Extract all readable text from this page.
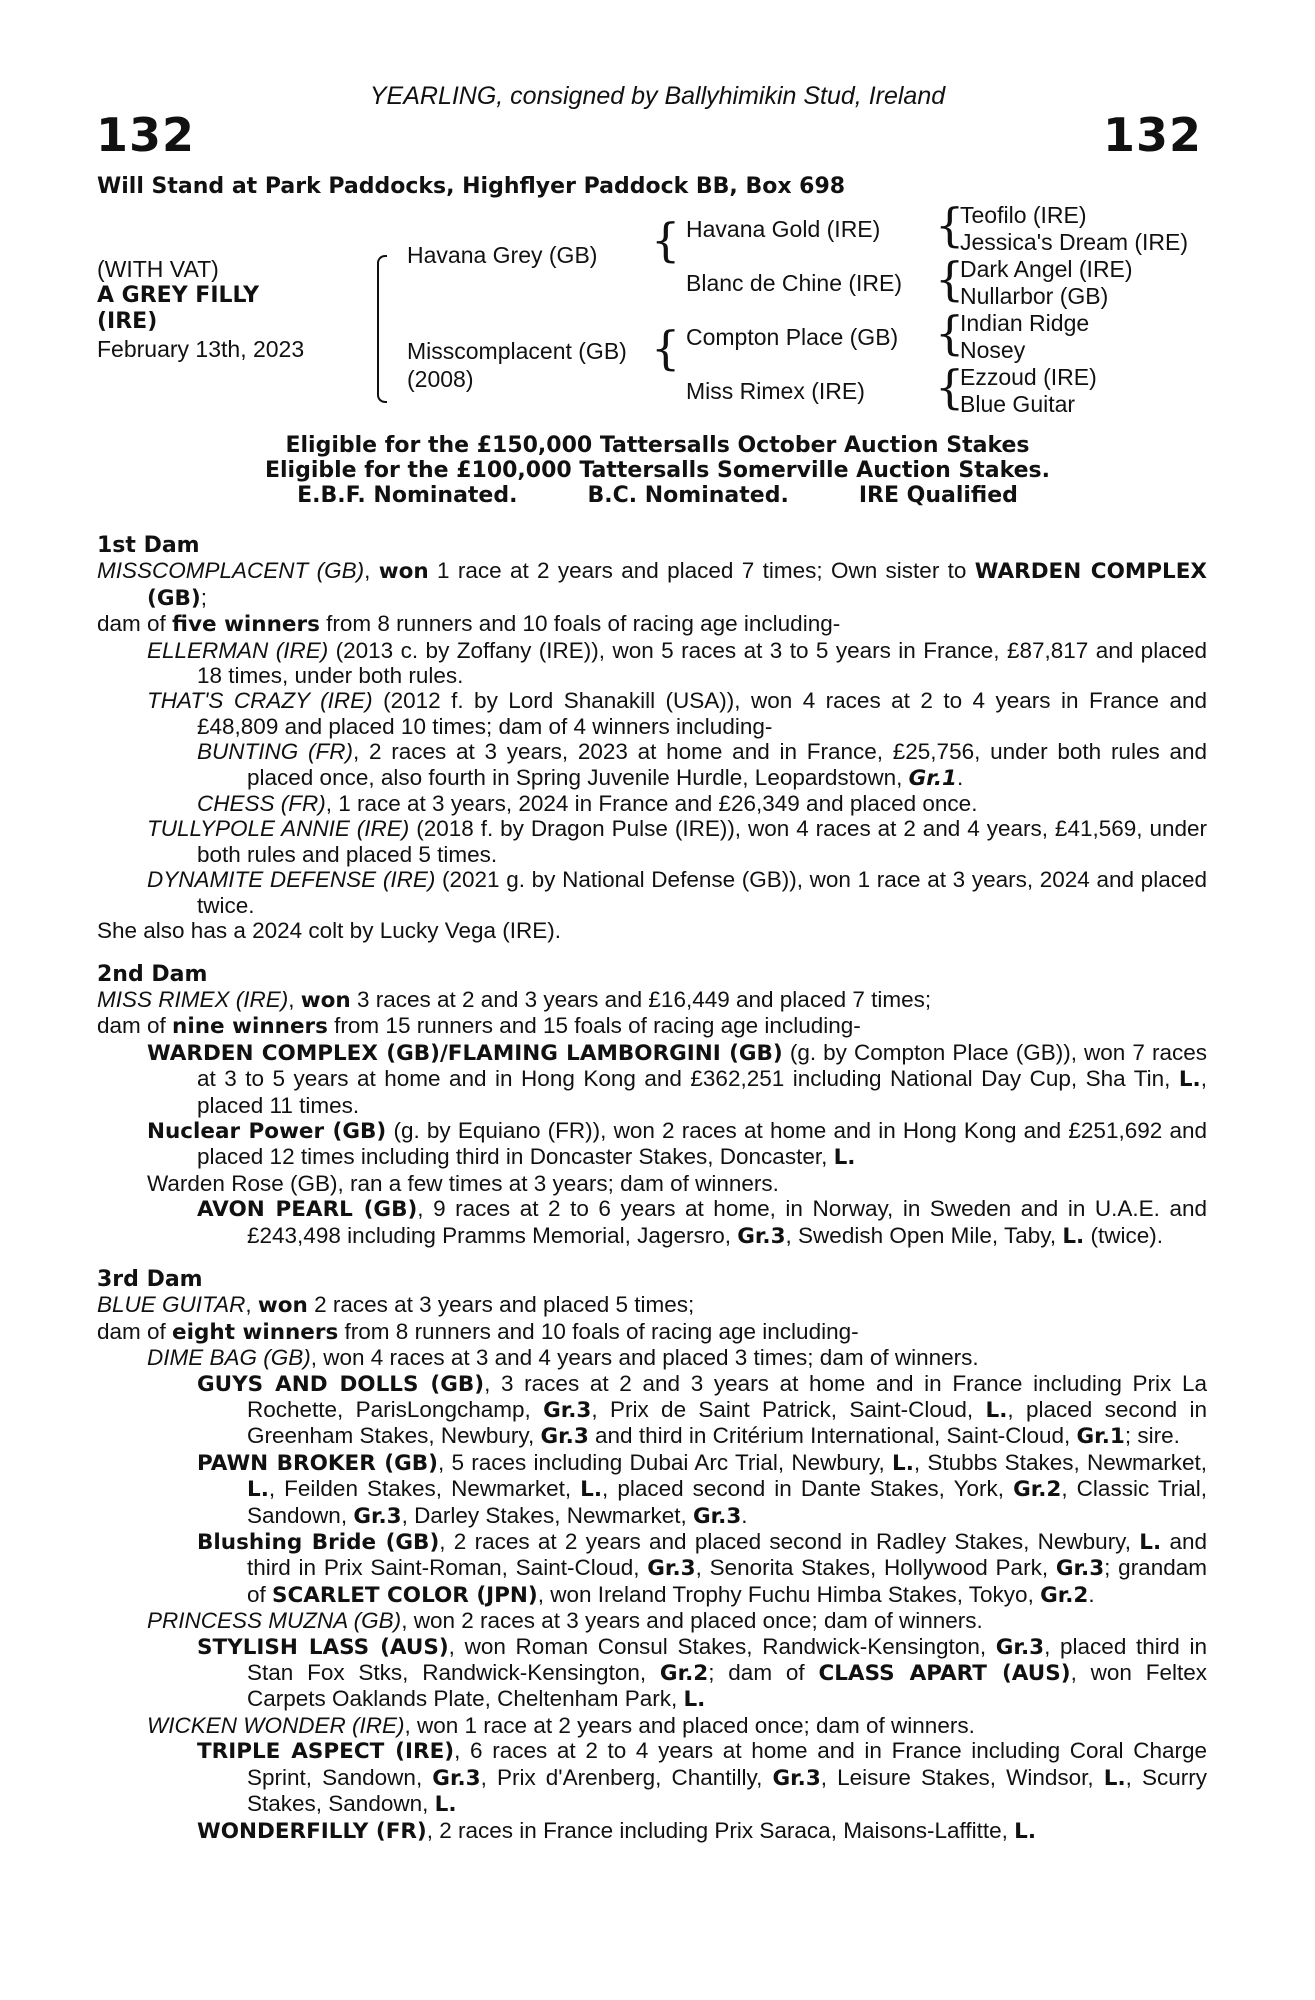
YEARLING, consigned by Ballyhimikin Stud, Ireland
132	132
Will Stand at Park Paddocks, Highflyer Paddock BB, Box 698
(WITH VAT)
A GREY FILLY
(IRE)
February 13th, 2023
Havana Grey (GB)
Misscomplacent (GB)
(2008)
{
{
Havana Gold (IRE)
Blanc de Chine (IRE)
Compton Place (GB)
Miss Rimex (IRE)
{
{
{
{
Teofilo (IRE)
Jessica's Dream (IRE)
Dark Angel (IRE)
Nullarbor (GB)
Indian Ridge
Nosey
Ezzoud (IRE)
Blue Guitar
Eligible for the £150,000 Tattersalls October Auction Stakes
Eligible for the £100,000 Tattersalls Somerville Auction Stakes.
E.B.F. Nominated.	B.C. Nominated.	IRE Qualified
1st Dam
MISSCOMPLACENT (GB), won 1 race at 2 years and placed 7 times; Own sister to WARDEN COMPLEX (GB);
dam of five winners from 8 runners and 10 foals of racing age including-
ELLERMAN (IRE) (2013 c. by Zoffany (IRE)), won 5 races at 3 to 5 years in France, £87,817 and placed 18 times, under both rules.
THAT'S CRAZY (IRE) (2012 f. by Lord Shanakill (USA)), won 4 races at 2 to 4 years in France and £48,809 and placed 10 times; dam of 4 winners including-
BUNTING (FR), 2 races at 3 years, 2023 at home and in France, £25,756, under both rules and placed once, also fourth in Spring Juvenile Hurdle, Leopardstown, Gr.1.
CHESS (FR), 1 race at 3 years, 2024 in France and £26,349 and placed once.
TULLYPOLE ANNIE (IRE) (2018 f. by Dragon Pulse (IRE)), won 4 races at 2 and 4 years, £41,569, under both rules and placed 5 times.
DYNAMITE DEFENSE (IRE) (2021 g. by National Defense (GB)), won 1 race at 3 years, 2024 and placed twice.
She also has a 2024 colt by Lucky Vega (IRE).
2nd Dam
MISS RIMEX (IRE), won 3 races at 2 and 3 years and £16,449 and placed 7 times;
dam of nine winners from 15 runners and 15 foals of racing age including-
WARDEN COMPLEX (GB)/FLAMING LAMBORGINI (GB) (g. by Compton Place (GB)), won 7 races at 3 to 5 years at home and in Hong Kong and £362,251 including National Day Cup, Sha Tin, L., placed 11 times.
Nuclear Power (GB) (g. by Equiano (FR)), won 2 races at home and in Hong Kong and £251,692 and placed 12 times including third in Doncaster Stakes, Doncaster, L.
Warden Rose (GB), ran a few times at 3 years; dam of winners.
AVON PEARL (GB), 9 races at 2 to 6 years at home, in Norway, in Sweden and in U.A.E. and £243,498 including Pramms Memorial, Jagersro, Gr.3, Swedish Open Mile, Taby, L. (twice).
3rd Dam
BLUE GUITAR, won 2 races at 3 years and placed 5 times;
dam of eight winners from 8 runners and 10 foals of racing age including-
DIME BAG (GB), won 4 races at 3 and 4 years and placed 3 times; dam of winners.
GUYS AND DOLLS (GB), 3 races at 2 and 3 years at home and in France including Prix La Rochette, ParisLongchamp, Gr.3, Prix de Saint Patrick, Saint-Cloud, L., placed second in Greenham Stakes, Newbury, Gr.3 and third in Critérium International, Saint-Cloud, Gr.1; sire.
PAWN BROKER (GB), 5 races including Dubai Arc Trial, Newbury, L., Stubbs Stakes, Newmarket, L., Feilden Stakes, Newmarket, L., placed second in Dante Stakes, York, Gr.2, Classic Trial, Sandown, Gr.3, Darley Stakes, Newmarket, Gr.3.
Blushing Bride (GB), 2 races at 2 years and placed second in Radley Stakes, Newbury, L. and third in Prix Saint-Roman, Saint-Cloud, Gr.3, Senorita Stakes, Hollywood Park, Gr.3; grandam of SCARLET COLOR (JPN), won Ireland Trophy Fuchu Himba Stakes, Tokyo, Gr.2.
PRINCESS MUZNA (GB), won 2 races at 3 years and placed once; dam of winners.
STYLISH LASS (AUS), won Roman Consul Stakes, Randwick-Kensington, Gr.3, placed third in Stan Fox Stks, Randwick-Kensington, Gr.2; dam of CLASS APART (AUS), won Feltex Carpets Oaklands Plate, Cheltenham Park, L.
WICKEN WONDER (IRE), won 1 race at 2 years and placed once; dam of winners.
TRIPLE ASPECT (IRE), 6 races at 2 to 4 years at home and in France including Coral Charge Sprint, Sandown, Gr.3, Prix d'Arenberg, Chantilly, Gr.3, Leisure Stakes, Windsor, L., Scurry Stakes, Sandown, L.
WONDERFILLY (FR), 2 races in France including Prix Saraca, Maisons-Laffitte, L.
